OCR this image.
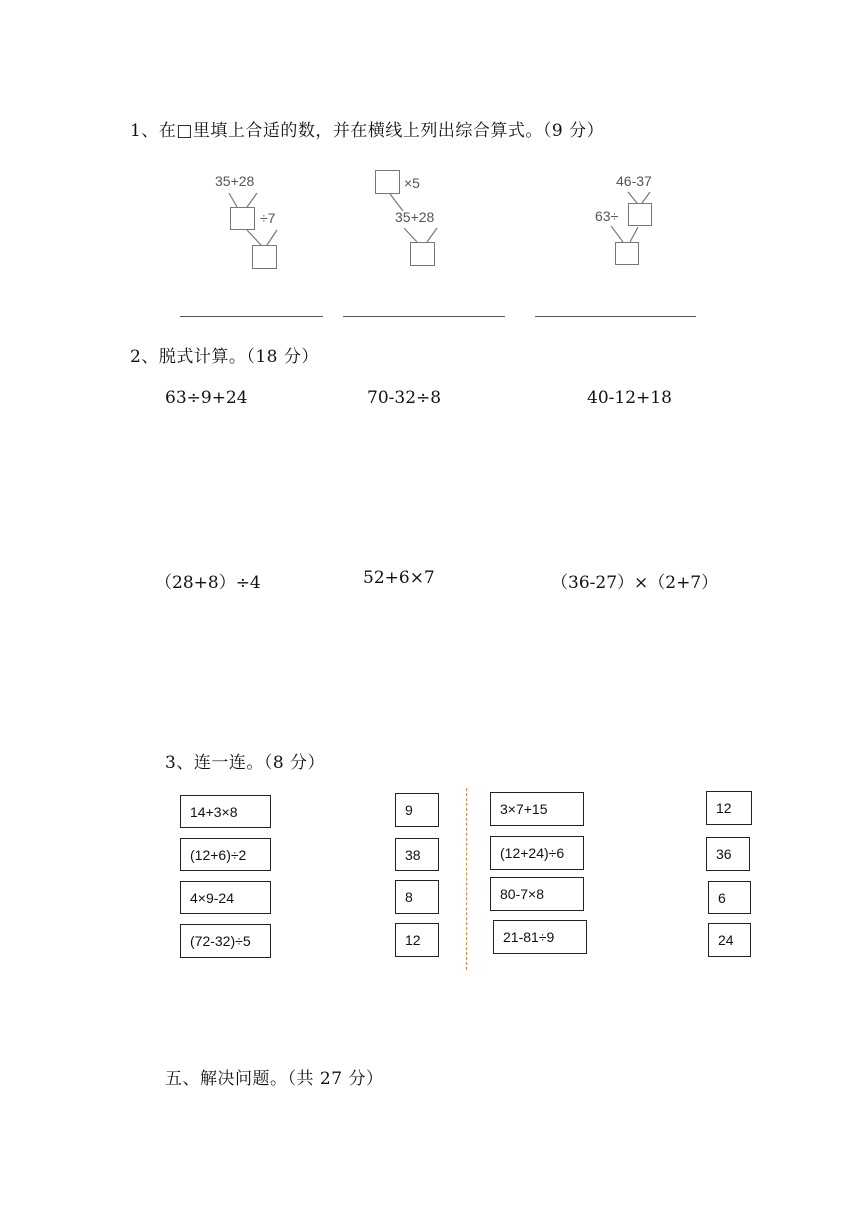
1、在□里填上合适的数，并在横线上列出综合算式。（9 分）
35+28
÷7
×5
35+28
46-37
63÷
2、脱式计算。（18 分）
63÷9+24	70-32÷8	40-12+18
（28+8）÷4	52+6×7	（36-27）×（2+7）
3、连一连。（8 分）
14+3×8
(12+6)÷2
4×9-24
(72-32)÷5
9
38
8
12
3×7+15
(12+24)÷6
80-7×8
21-81÷9
12
36
6
24
五、解决问题。（共 27 分）
